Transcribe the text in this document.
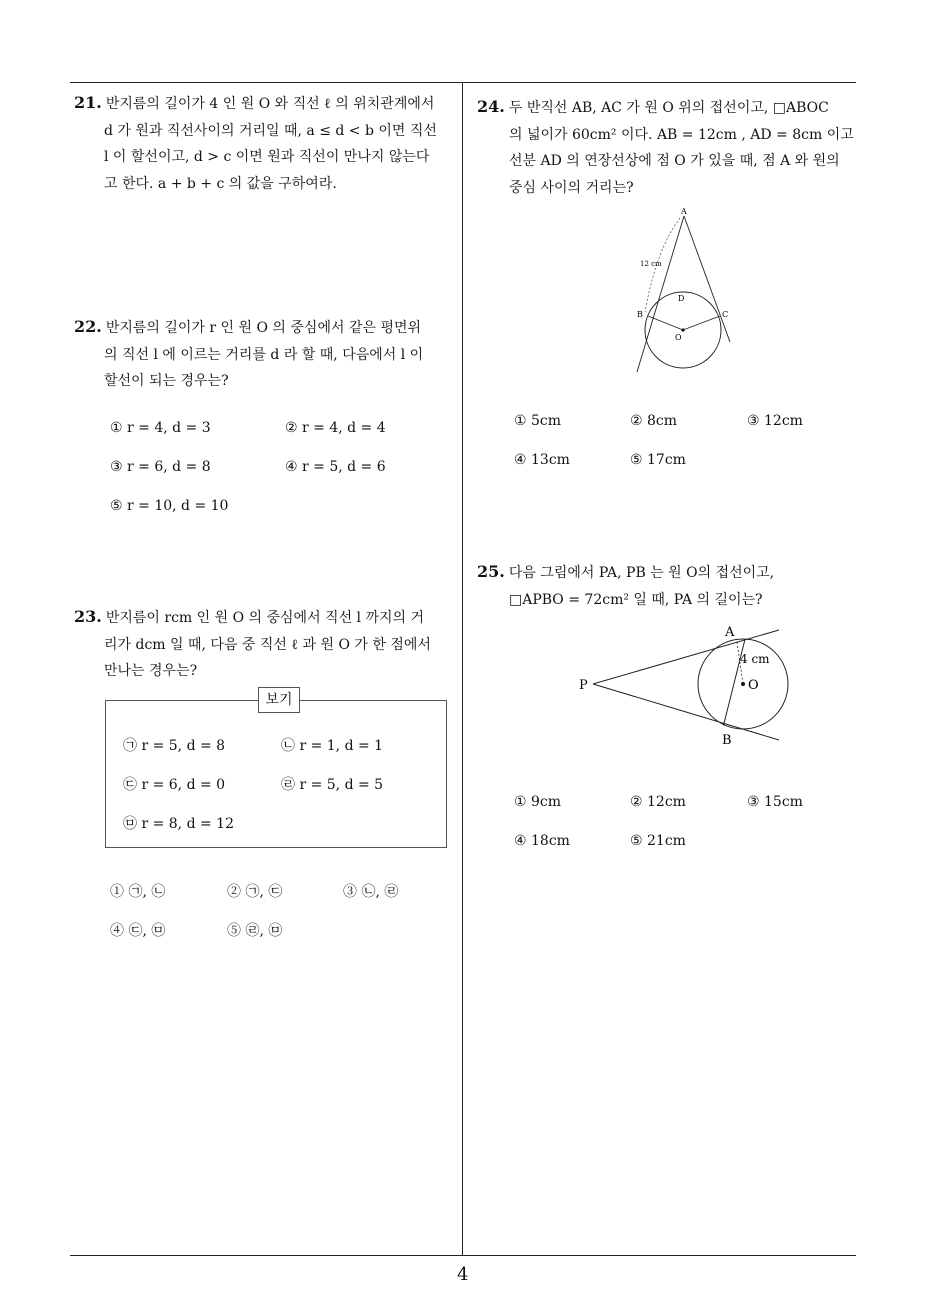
21. 반지름의 길이가 4 인 원 O 와 직선 ℓ 의 위치관계에서
d 가 원과 직선사이의 거리일 때, a ≤ d < b 이면 직선
l 이 할선이고, d > c 이면 원과 직선이 만나지 않는다
고 한다. a + b + c 의 값을 구하여라.
22. 반지름의 길이가 r 인 원 O 의 중심에서 같은 평면위
의 직선 l 에 이르는 거리를 d 라 할 때, 다음에서 l 이
할선이 되는 경우는?
① r = 4, d = 3	② r = 4, d = 4
③ r = 6, d = 8	④ r = 5, d = 6
⑤ r = 10, d = 10
23. 반지름이 rcm 인 원 O 의 중심에서 직선 l 까지의 거
리가 dcm 일 때, 다음 중 직선 ℓ 과 원 O 가 한 점에서
만나는 경우는?
보기
㉠ r = 5, d = 8	㉡ r = 1, d = 1
㉢ r = 6, d = 0	㉣ r = 5, d = 5
㉤ r = 8, d = 12
① ㉠, ㉡	② ㉠, ㉢	③ ㉡, ㉣
④ ㉢, ㉤	⑤ ㉣, ㉤
24. 두 반직선 AB, AC 가 원 O 위의 접선이고, □ABOC
의 넓이가 60cm² 이다. AB = 12cm , AD = 8cm 이고
선분 AD 의 연장선상에 점 O 가 있을 때, 점 A 와 원의
중심 사이의 거리는?
A
B	C
D
O
12 cm
① 5cm	② 8cm	③ 12cm
④ 13cm	⑤ 17cm
25. 다음 그림에서 PA, PB 는 원 O의 접선이고,
□APBO = 72cm² 일 때, PA 의 길이는?
A
B
P	O
4 cm
① 9cm	② 12cm	③ 15cm
④ 18cm	⑤ 21cm
4
